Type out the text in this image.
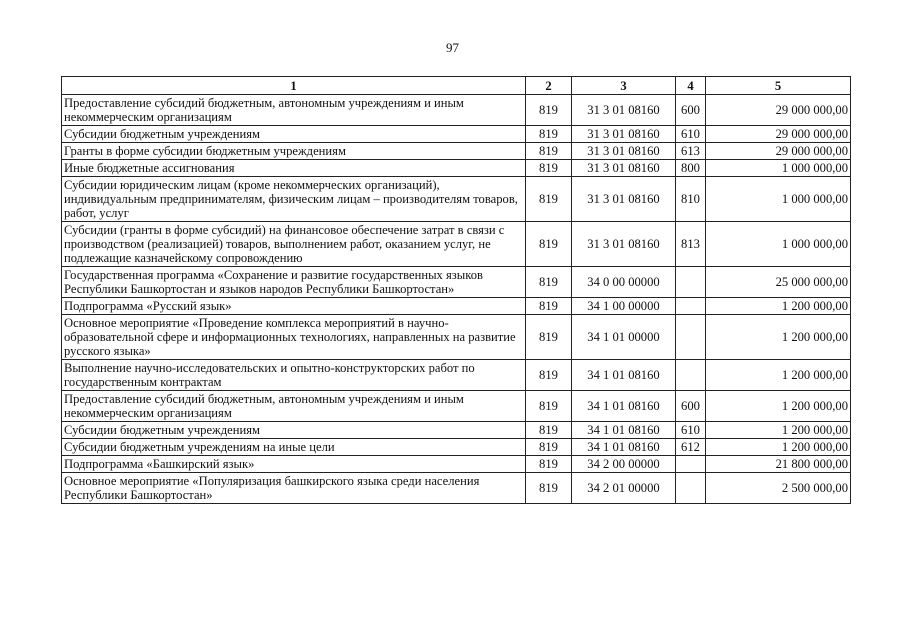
97
1	2	3	4	5
Предоставление субсидий бюджетным, автономным учреждениям и иным некоммерческим организациям	819	31 3 01 08160	600	29 000 000,00
Субсидии бюджетным учреждениям	819	31 3 01 08160	610	29 000 000,00
Гранты в форме субсидии бюджетным учреждениям	819	31 3 01 08160	613	29 000 000,00
Иные бюджетные ассигнования	819	31 3 01 08160	800	1 000 000,00
Субсидии юридическим лицам (кроме некоммерческих организаций), индивидуальным предпринимателям, физическим лицам – производителям товаров, работ, услуг	819	31 3 01 08160	810	1 000 000,00
Субсидии (гранты в форме субсидий) на финансовое обеспечение затрат в связи с производством (реализацией) товаров, выполнением работ, оказанием услуг, не подлежащие казначейскому сопровождению	819	31 3 01 08160	813	1 000 000,00
Государственная программа «Сохранение и развитие государственных языков Республики Башкортостан и языков народов Республики Башкортостан»	819	34 0 00 00000		25 000 000,00
Подпрограмма «Русский язык»	819	34 1 00 00000		1 200 000,00
Основное мероприятие «Проведение комплекса мероприятий в научно-образовательной сфере и информационных технологиях, направленных на развитие русского языка»	819	34 1 01 00000		1 200 000,00
Выполнение научно-исследовательских и опытно-конструкторских работ по государственным контрактам	819	34 1 01 08160		1 200 000,00
Предоставление субсидий бюджетным, автономным учреждениям и иным некоммерческим организациям	819	34 1 01 08160	600	1 200 000,00
Субсидии бюджетным учреждениям	819	34 1 01 08160	610	1 200 000,00
Субсидии бюджетным учреждениям на иные цели	819	34 1 01 08160	612	1 200 000,00
Подпрограмма «Башкирский язык»	819	34 2 00 00000		21 800 000,00
Основное мероприятие «Популяризация башкирского языка среди населения Республики Башкортостан»	819	34 2 01 00000		2 500 000,00
